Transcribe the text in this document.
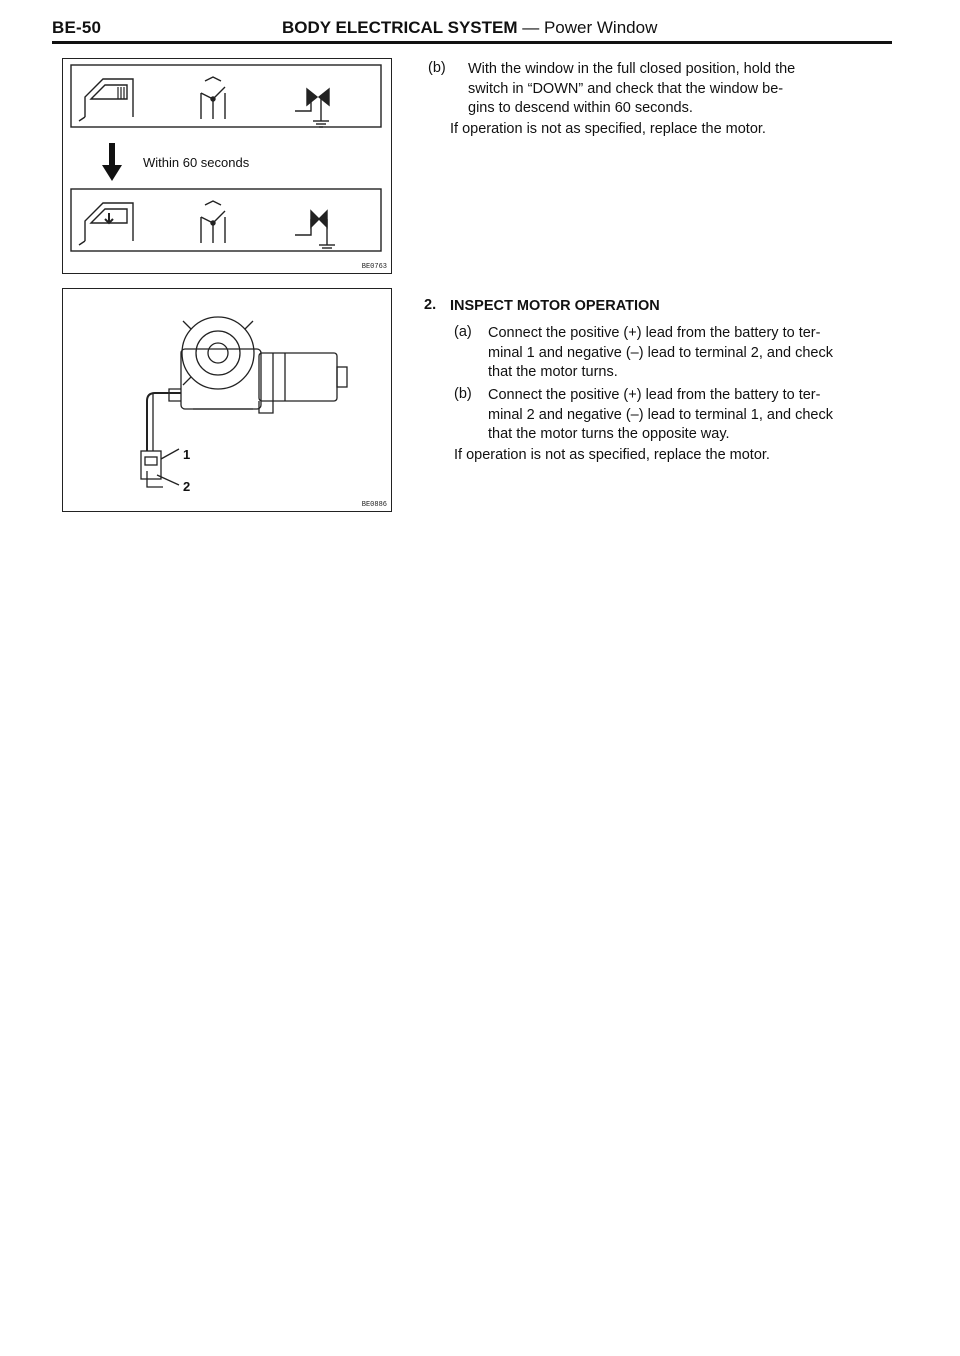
BE-50	BODY ELECTRICAL SYSTEM — Power Window
Within 60 seconds
BE0763
1
2
BE0886
(b) With the window in the full closed position, hold the
switch in “DOWN” and check that the window be-
gins to descend within 60 seconds.
If operation is not as specified, replace the motor.
2. INSPECT MOTOR OPERATION
(a) Connect the positive (+) lead from the battery to ter-
minal 1 and negative (–) lead to terminal 2, and check
that the motor turns.
(b) Connect the positive (+) lead from the battery to ter-
minal 2 and negative (–) lead to terminal 1, and check
that the motor turns the opposite way.
If operation is not as specified, replace the motor.
